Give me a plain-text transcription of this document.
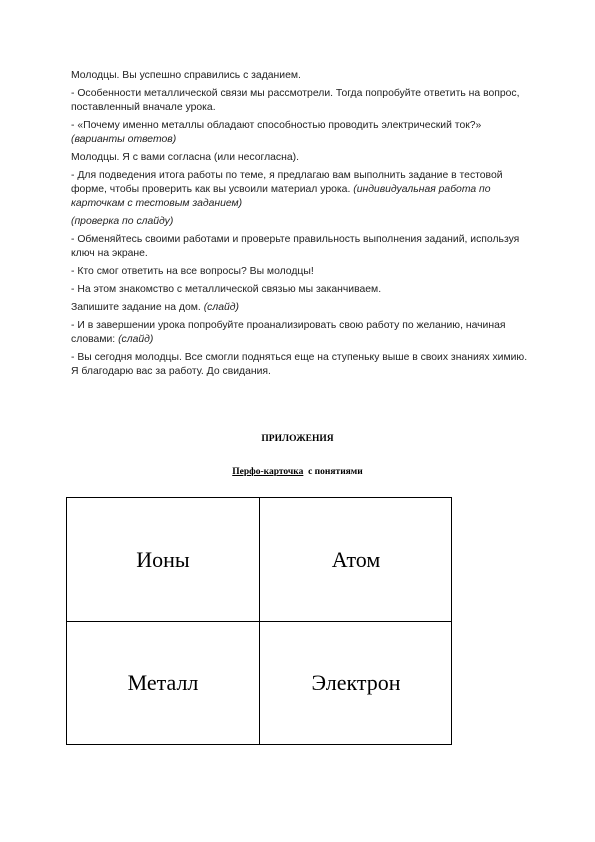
Молодцы. Вы успешно справились с заданием.

- Особенности металлической связи мы рассмотрели. Тогда попробуйте ответить на вопрос, поставленный вначале урока.

- «Почему именно металлы обладают способностью проводить электрический ток?» (варианты ответов)

Молодцы. Я с вами согласна (или несогласна).

- Для подведения итога работы по теме, я предлагаю вам выполнить задание в тестовой форме, чтобы проверить как вы усвоили материал урока. (индивидуальная работа по карточкам с тестовым заданием)

(проверка по слайду)

- Обменяйтесь своими работами и проверьте правильность выполнения заданий, используя ключ на экране.

- Кто смог ответить на все вопросы? Вы молодцы!

- На этом знакомство с металлической связью мы заканчиваем.

Запишите задание на дом. (слайд)

- И в завершении урока попробуйте проанализировать свою работу по желанию, начиная словами: (слайд)

- Вы сегодня молодцы. Все смогли подняться еще на ступеньку выше в своих знаниях химию. Я благодарю вас за работу. До свидания.

ПРИЛОЖЕНИЯ
Перфо-карточка  с понятиями
Ионы	Атом
Металл	Электрон
